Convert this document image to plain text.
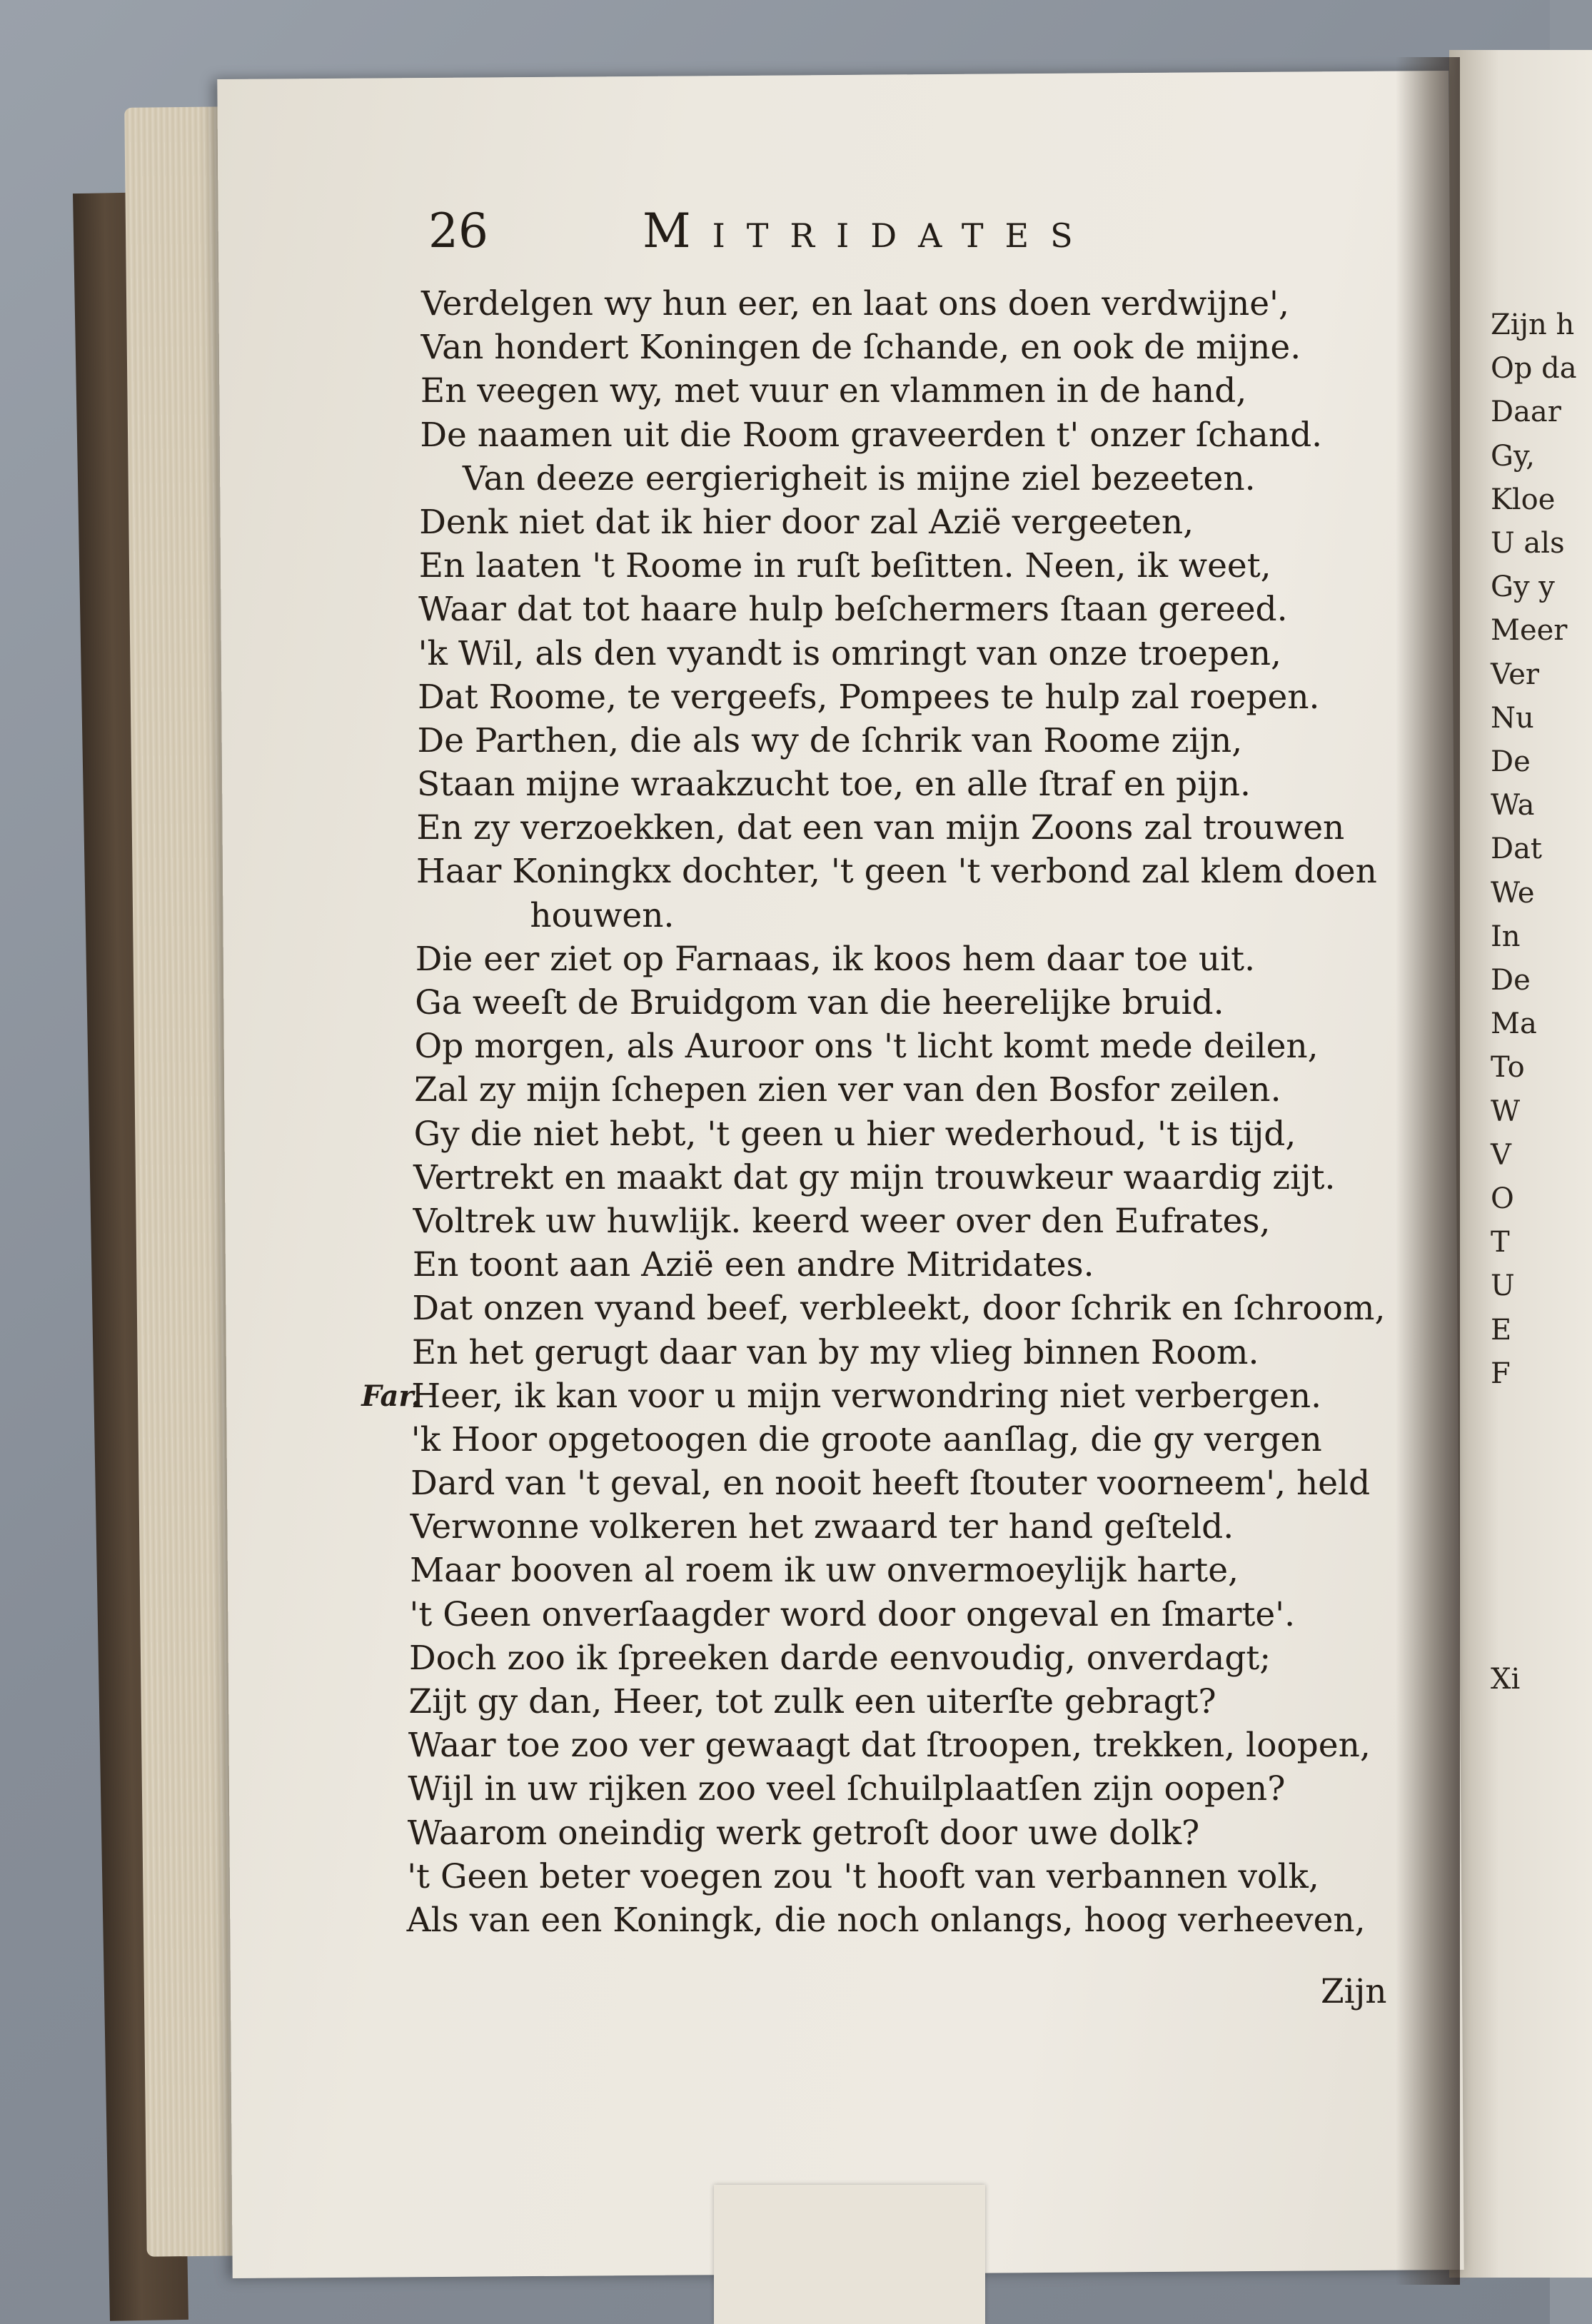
26	Mitridates
Verdelgen wy hun eer, en laat ons doen verdwijne',
Van hondert Koningen de ſchande, en ook de mijne.
En veegen wy, met vuur en vlammen in de hand,
De naamen uit die Room graveerden t' onzer ſchand.
Van deeze eergierigheit is mijne ziel bezeeten.
Denk niet dat ik hier door zal Azië vergeeten,
En laaten 't Roome in ruſt beſitten. Neen, ik weet,
Waar dat tot haare hulp beſchermers ſtaan gereed.
'k Wil, als den vyandt is omringt van onze troepen,
Dat Roome, te vergeefs, Pompees te hulp zal roepen.
De Parthen, die als wy de ſchrik van Roome zijn,
Staan mijne wraakzucht toe, en alle ſtraf en pijn.
En zy verzoekken, dat een van mijn Zoons zal trouwen
Haar Koningkx dochter, 't geen 't verbond zal klem doen
houwen.
Die eer ziet op Farnaas, ik koos hem daar toe uit.
Ga weeſt de Bruidgom van die heerelijke bruid.
Op morgen, als Auroor ons 't licht komt mede deilen,
Zal zy mijn ſchepen zien ver van den Bosfor zeilen.
Gy die niet hebt, 't geen u hier wederhoud, 't is tijd,
Vertrekt en maakt dat gy mijn trouwkeur waardig zijt.
Voltrek uw huwlijk. keerd weer over den Eufrates,
En toont aan Azië een andre Mitridates.
Dat onzen vyand beef, verbleekt, door ſchrik en ſchroom,
En het gerugt daar van by my vlieg binnen Room.
Far.
Heer, ik kan voor u mijn verwondring niet verbergen.
'k Hoor opgetoogen die groote aanſlag, die gy vergen
Dard van 't geval, en nooit heeft ſtouter voorneem', held
Verwonne volkeren het zwaard ter hand geſteld.
Maar booven al roem ik uw onvermoeylijk harte,
't Geen onverſaagder word door ongeval en ſmarte'.
Doch zoo ik ſpreeken darde eenvoudig, onverdagt;
Zijt gy dan, Heer, tot zulk een uiterſte gebragt?
Waar toe zoo ver gewaagt dat ſtroopen, trekken, loopen,
Wijl in uw rijken zoo veel ſchuilplaatſen zijn oopen?
Waarom oneindig werk getroſt door uwe dolk?
't Geen beter voegen zou 't hooft van verbannen volk,
Als van een Koningk, die noch onlangs, hoog verheeven,
Zijn
Zijn h
Op da
Daar
Gy,
Kloe
U als
Gy y
Meer
Ver
Nu
De
Wa
Dat
We
In
De
Ma
To
W
V
O
T
U
E
F
Xi
